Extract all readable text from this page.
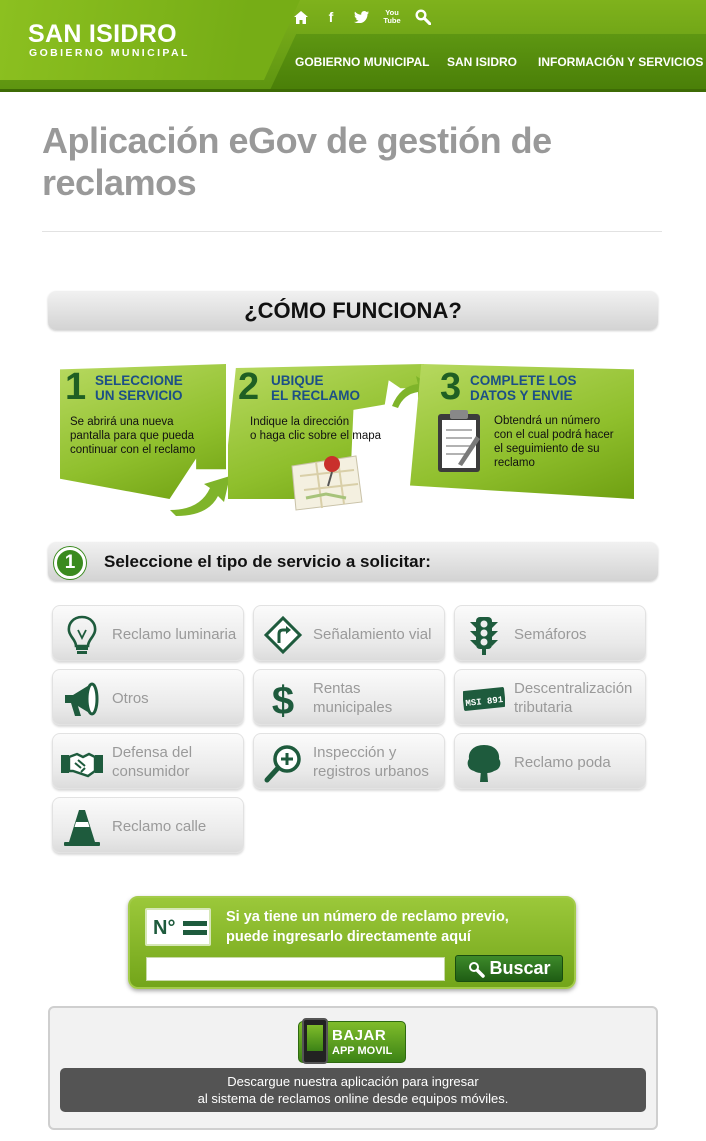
SAN ISIDRO
GOBIERNO MUNICIPAL
f	You
Tube
GOBIERNO MUNICIPAL SAN ISIDRO INFORMACIÓN Y SERVICIOS
Aplicación eGov de gestión de reclamos
¿CÓMO FUNCIONA?
1 SELECCIONE
UN SERVICIO
Se abrirá una nueva
pantalla para que pueda
continuar con el reclamo
2 UBIQUE
EL RECLAMO
Indique la dirección
o haga clic sobre el mapa
3 COMPLETE LOS
DATOS Y ENVIE
Obtendrá un número
con el cual podrá hacer
el seguimiento de su
reclamo
1	Seleccione el tipo de servicio a solicitar:
Reclamo luminaria	Señalamiento vial	Semáforos
Otros	$ Rentas municipales	MSI 891
Descentralización tributaria
Defensa del consumidor
Inspección y registros urbanos
Reclamo poda
Reclamo calle
N°	Si ya tiene un número de reclamo previo,
puede ingresarlo directamente aquí
Buscar
BAJAR
APP MOVIL
Descargue nuestra aplicación para ingresar
al sistema de reclamos online desde equipos móviles.
